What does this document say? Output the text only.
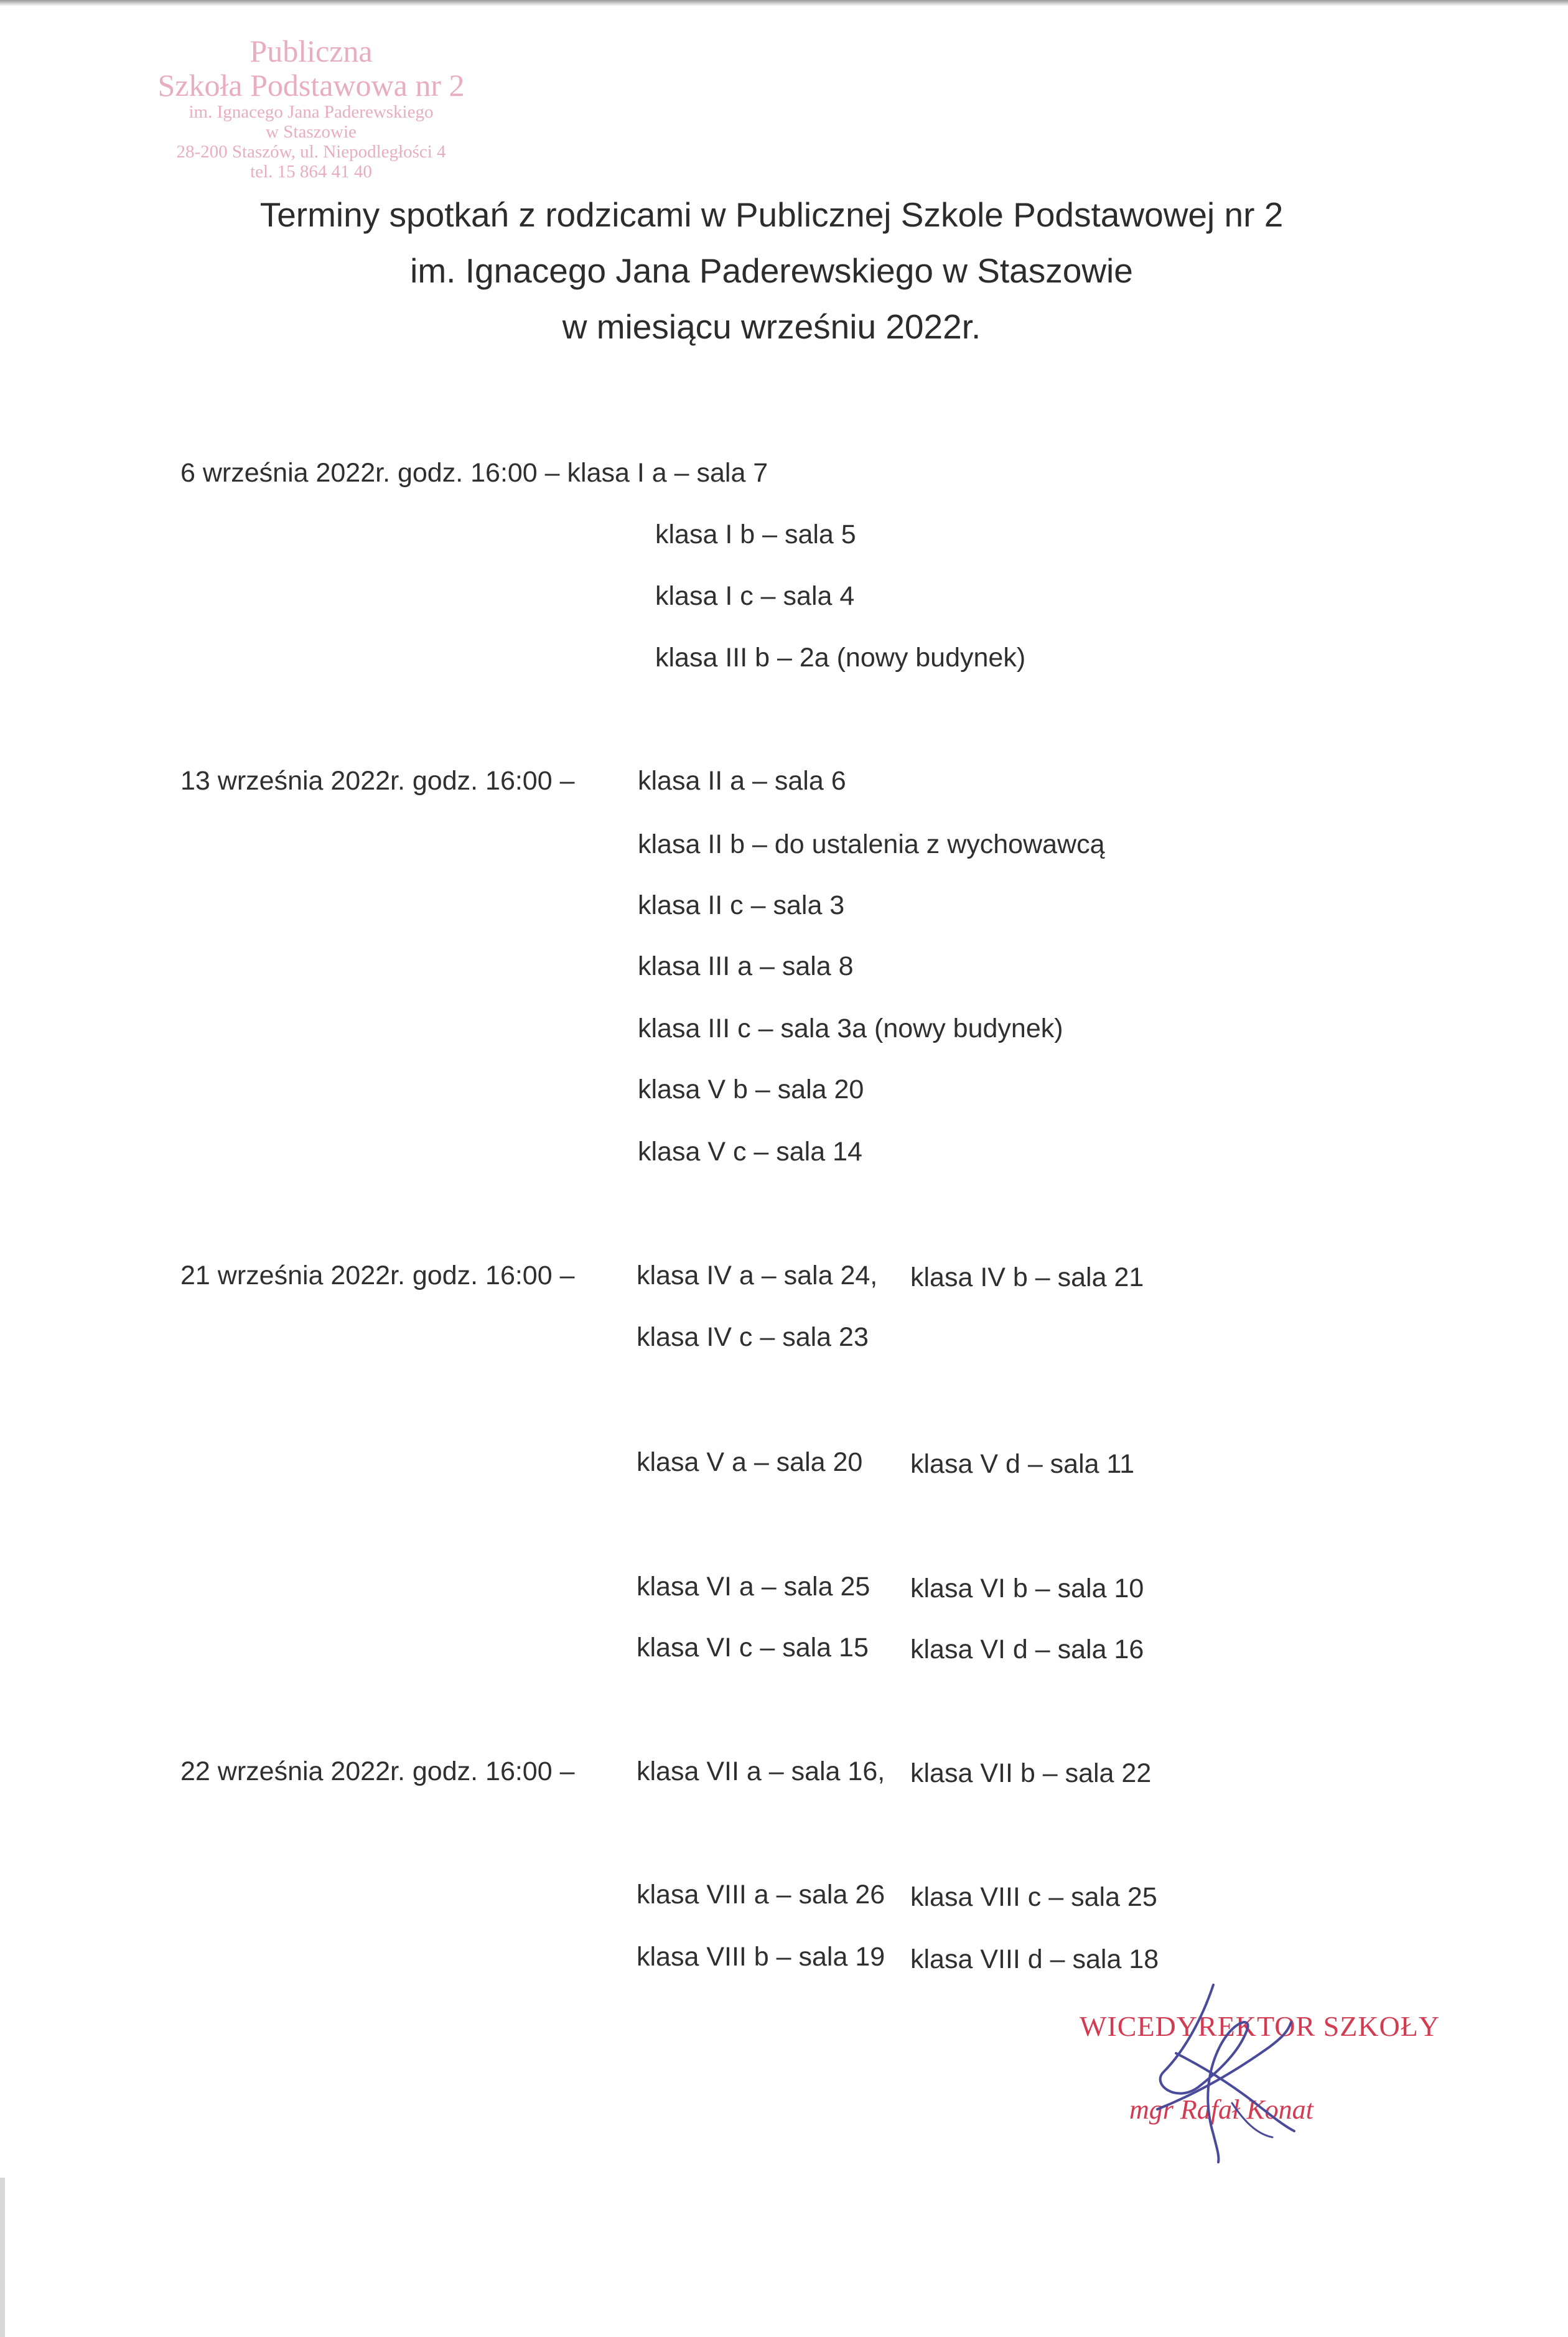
Publiczna
Szkoła Podstawowa nr 2
im. Ignacego Jana Paderewskiego
w Staszowie
28-200 Staszów, ul. Niepodległości 4
tel. 15 864 41 40
Terminy spotkań z rodzicami w Publicznej Szkole Podstawowej nr 2
im. Ignacego Jana Paderewskiego w Staszowie
w miesiącu wrześniu 2022r.
6 września 2022r. godz. 16:00 – klasa I a – sala 7
klasa I b – sala 5
klasa I c – sala 4
klasa III b – 2a (nowy budynek)
13 września 2022r. godz. 16:00 – klasa II a – sala 6
klasa II b – do ustalenia z wychowawcą
klasa II c – sala 3
klasa III a – sala 8
klasa III c – sala 3a (nowy budynek)
klasa V b – sala 20
klasa V c – sala 14
21 września 2022r. godz. 16:00 – klasa IV a – sala 24, klasa IV b – sala 21
klasa IV c – sala 23
klasa V a – sala 20 klasa V d – sala 11
klasa VI a – sala 25 klasa VI b – sala 10
klasa VI c – sala 15 klasa VI d – sala 16
22 września 2022r. godz. 16:00 – klasa VII a – sala 16, klasa VII b – sala 22
klasa VIII a – sala 26 klasa VIII c – sala 25
klasa VIII b – sala 19 klasa VIII d – sala 18
WICEDYREKTOR SZKOŁY
mgr Rafał Konat
